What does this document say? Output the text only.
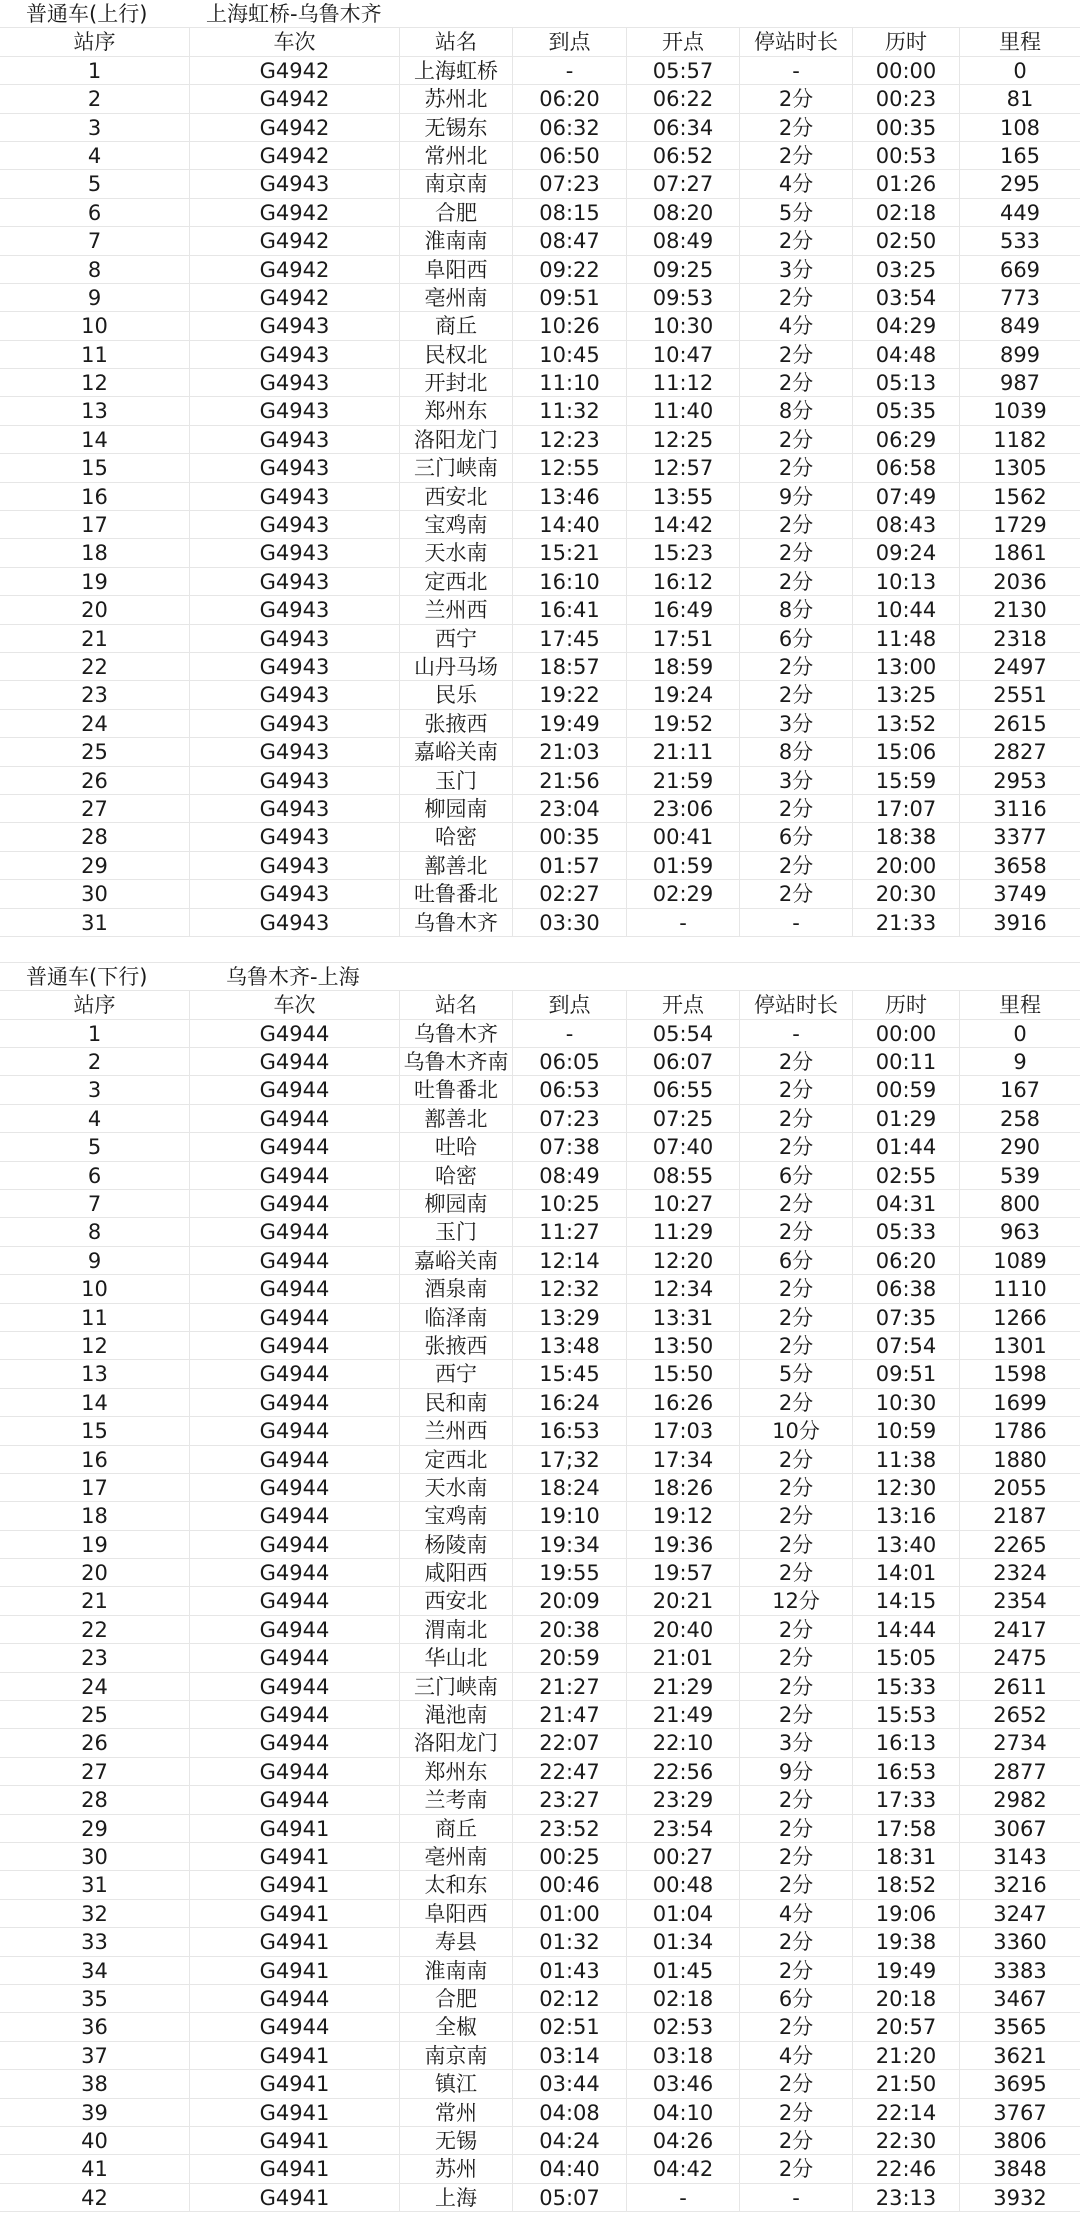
普通车(上行)	上海虹桥-乌鲁木齐
站序	车次	站名	到点	开点	停站时长	历时	里程
1	G4942	上海虹桥	-	05:57	-	00:00	0
2	G4942	苏州北	06:20	06:22	2分	00:23	81
3	G4942	无锡东	06:32	06:34	2分	00:35	108
4	G4942	常州北	06:50	06:52	2分	00:53	165
5	G4943	南京南	07:23	07:27	4分	01:26	295
6	G4942	合肥	08:15	08:20	5分	02:18	449
7	G4942	淮南南	08:47	08:49	2分	02:50	533
8	G4942	阜阳西	09:22	09:25	3分	03:25	669
9	G4942	亳州南	09:51	09:53	2分	03:54	773
10	G4943	商丘	10:26	10:30	4分	04:29	849
11	G4943	民权北	10:45	10:47	2分	04:48	899
12	G4943	开封北	11:10	11:12	2分	05:13	987
13	G4943	郑州东	11:32	11:40	8分	05:35	1039
14	G4943	洛阳龙门	12:23	12:25	2分	06:29	1182
15	G4943	三门峡南	12:55	12:57	2分	06:58	1305
16	G4943	西安北	13:46	13:55	9分	07:49	1562
17	G4943	宝鸡南	14:40	14:42	2分	08:43	1729
18	G4943	天水南	15:21	15:23	2分	09:24	1861
19	G4943	定西北	16:10	16:12	2分	10:13	2036
20	G4943	兰州西	16:41	16:49	8分	10:44	2130
21	G4943	西宁	17:45	17:51	6分	11:48	2318
22	G4943	山丹马场	18:57	18:59	2分	13:00	2497
23	G4943	民乐	19:22	19:24	2分	13:25	2551
24	G4943	张掖西	19:49	19:52	3分	13:52	2615
25	G4943	嘉峪关南	21:03	21:11	8分	15:06	2827
26	G4943	玉门	21:56	21:59	3分	15:59	2953
27	G4943	柳园南	23:04	23:06	2分	17:07	3116
28	G4943	哈密	00:35	00:41	6分	18:38	3377
29	G4943	鄯善北	01:57	01:59	2分	20:00	3658
30	G4943	吐鲁番北	02:27	02:29	2分	20:30	3749
31	G4943	乌鲁木齐	03:30	-	-	21:33	3916
普通车(下行)	乌鲁木齐-上海
站序	车次	站名	到点	开点	停站时长	历时	里程
1	G4944	乌鲁木齐	-	05:54	-	00:00	0
2	G4944	乌鲁木齐南	06:05	06:07	2分	00:11	9
3	G4944	吐鲁番北	06:53	06:55	2分	00:59	167
4	G4944	鄯善北	07:23	07:25	2分	01:29	258
5	G4944	吐哈	07:38	07:40	2分	01:44	290
6	G4944	哈密	08:49	08:55	6分	02:55	539
7	G4944	柳园南	10:25	10:27	2分	04:31	800
8	G4944	玉门	11:27	11:29	2分	05:33	963
9	G4944	嘉峪关南	12:14	12:20	6分	06:20	1089
10	G4944	酒泉南	12:32	12:34	2分	06:38	1110
11	G4944	临泽南	13:29	13:31	2分	07:35	1266
12	G4944	张掖西	13:48	13:50	2分	07:54	1301
13	G4944	西宁	15:45	15:50	5分	09:51	1598
14	G4944	民和南	16:24	16:26	2分	10:30	1699
15	G4944	兰州西	16:53	17:03	10分	10:59	1786
16	G4944	定西北	17;32	17:34	2分	11:38	1880
17	G4944	天水南	18:24	18:26	2分	12:30	2055
18	G4944	宝鸡南	19:10	19:12	2分	13:16	2187
19	G4944	杨陵南	19:34	19:36	2分	13:40	2265
20	G4944	咸阳西	19:55	19:57	2分	14:01	2324
21	G4944	西安北	20:09	20:21	12分	14:15	2354
22	G4944	渭南北	20:38	20:40	2分	14:44	2417
23	G4944	华山北	20:59	21:01	2分	15:05	2475
24	G4944	三门峡南	21:27	21:29	2分	15:33	2611
25	G4944	渑池南	21:47	21:49	2分	15:53	2652
26	G4944	洛阳龙门	22:07	22:10	3分	16:13	2734
27	G4944	郑州东	22:47	22:56	9分	16:53	2877
28	G4944	兰考南	23:27	23:29	2分	17:33	2982
29	G4941	商丘	23:52	23:54	2分	17:58	3067
30	G4941	亳州南	00:25	00:27	2分	18:31	3143
31	G4941	太和东	00:46	00:48	2分	18:52	3216
32	G4941	阜阳西	01:00	01:04	4分	19:06	3247
33	G4941	寿县	01:32	01:34	2分	19:38	3360
34	G4941	淮南南	01:43	01:45	2分	19:49	3383
35	G4944	合肥	02:12	02:18	6分	20:18	3467
36	G4944	全椒	02:51	02:53	2分	20:57	3565
37	G4941	南京南	03:14	03:18	4分	21:20	3621
38	G4941	镇江	03:44	03:46	2分	21:50	3695
39	G4941	常州	04:08	04:10	2分	22:14	3767
40	G4941	无锡	04:24	04:26	2分	22:30	3806
41	G4941	苏州	04:40	04:42	2分	22:46	3848
42	G4941	上海	05:07	-	-	23:13	3932
